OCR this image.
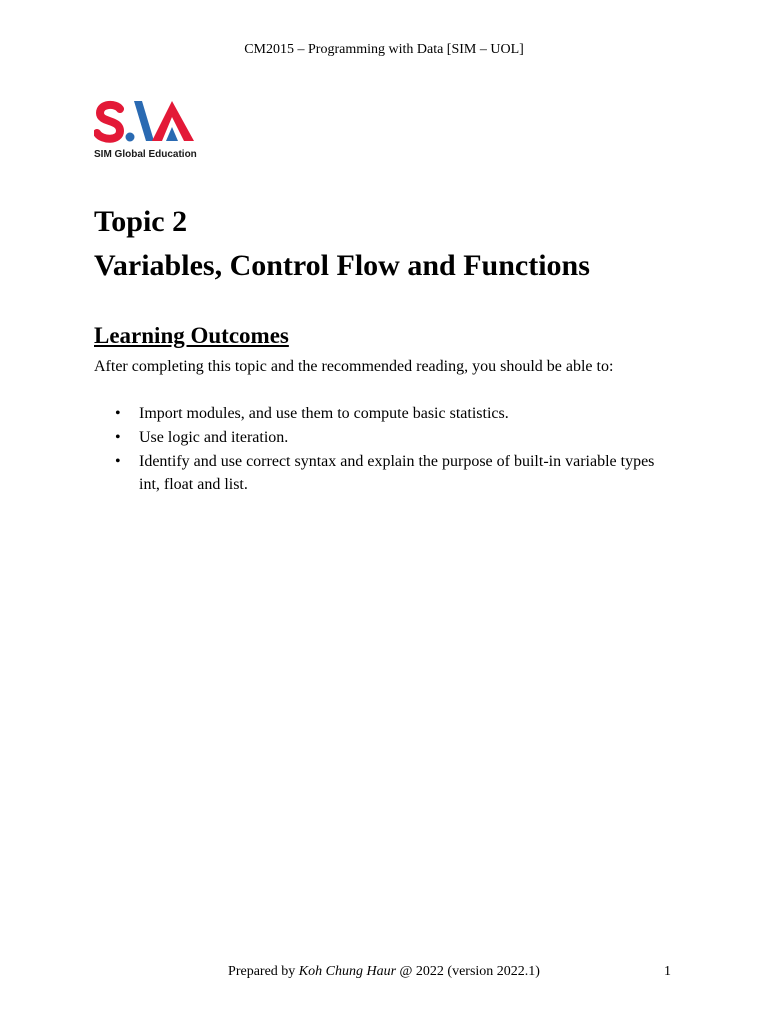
CM2015 – Programming with Data [SIM – UOL]
SIM Global Education
Topic 2
Variables, Control Flow and Functions
Learning Outcomes

After completing this topic and the recommended reading, you should be able to:

• Import modules, and use them to compute basic statistics.
• Use logic and iteration.
• Identify and use correct syntax and explain the purpose of built-in variable types int, float and list.
Prepared by Koh Chung Haur @ 2022 (version 2022.1)	1
